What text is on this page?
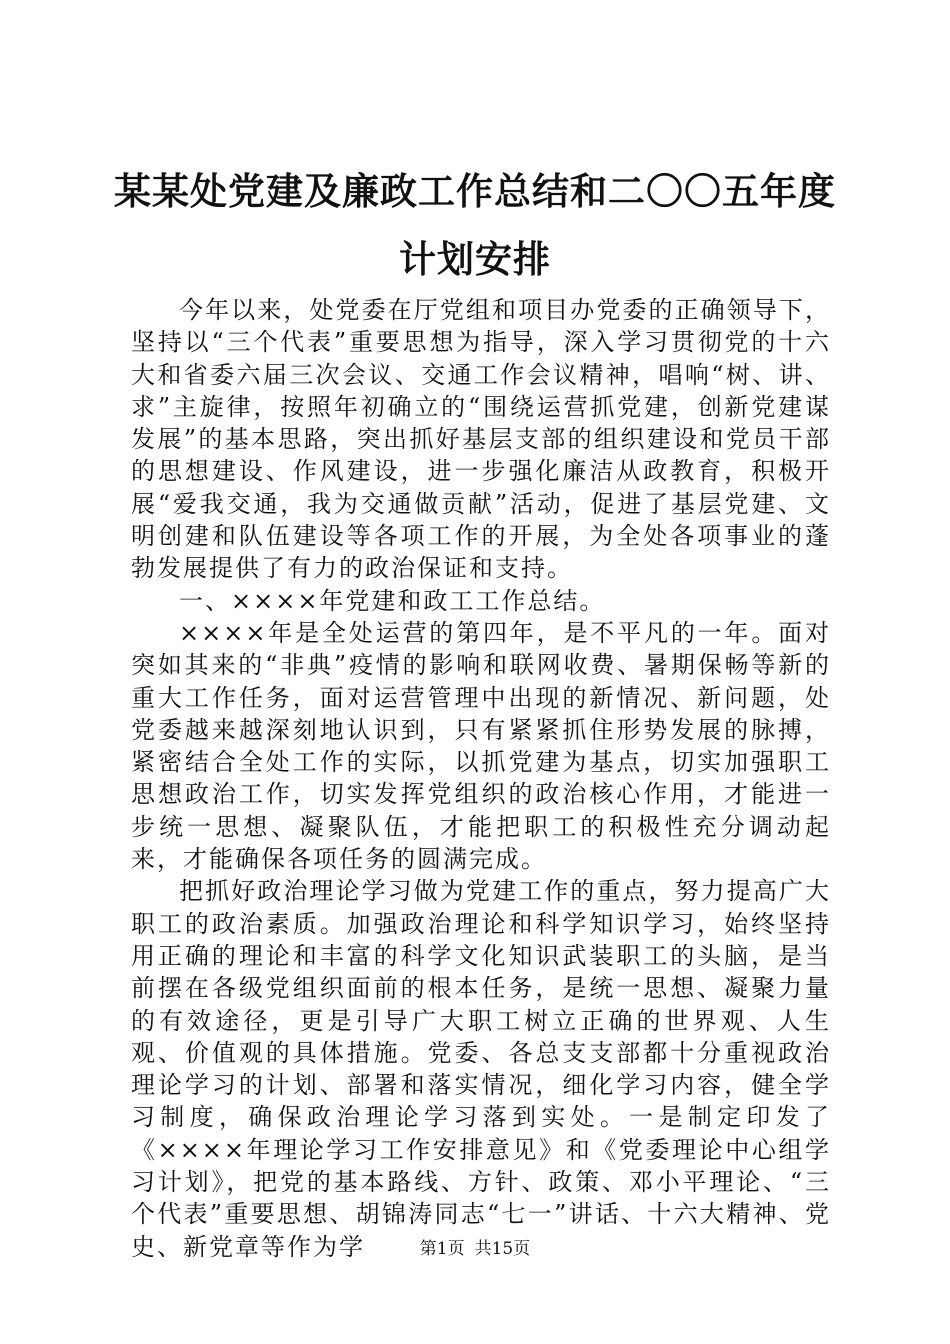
某某处党建及廉政工作总结和二〇〇五年度计划安排

今年以来，处党委在厅党组和项目办党委的正确领导下，坚持以“三个代表”重要思想为指导，深入学习贯彻党的十六大和省委六届三次会议、交通工作会议精神，唱响“树、讲、求”主旋律，按照年初确立的“围绕运营抓党建，创新党建谋发展”的基本思路，突出抓好基层支部的组织建设和党员干部的思想建设、作风建设，进一步强化廉洁从政教育，积极开展“爱我交通，我为交通做贡献”活动，促进了基层党建、文明创建和队伍建设等各项工作的开展，为全处各项事业的蓬勃发展提供了有力的政治保证和支持。

一、××××年党建和政工工作总结。

××××年是全处运营的第四年，是不平凡的一年。面对突如其来的“非典”疫情的影响和联网收费、暑期保畅等新的重大工作任务，面对运营管理中出现的新情况、新问题，处党委越来越深刻地认识到，只有紧紧抓住形势发展的脉搏，紧密结合全处工作的实际，以抓党建为基点，切实加强职工思想政治工作，切实发挥党组织的政治核心作用，才能进一步统一思想、凝聚队伍，才能把职工的积极性充分调动起来，才能确保各项任务的圆满完成。

把抓好政治理论学习做为党建工作的重点，努力提高广大职工的政治素质。加强政治理论和科学知识学习，始终坚持用正确的理论和丰富的科学文化知识武装职工的头脑，是当前摆在各级党组织面前的根本任务，是统一思想、凝聚力量的有效途径，更是引导广大职工树立正确的世界观、人生观、价值观的具体措施。党委、各总支支部都十分重视政治理论学习的计划、部署和落实情况，细化学习内容，健全学习制度，确保政治理论学习落到实处。一是制定印发了《××××年理论学习工作安排意见》和《党委理论中心组学习计划》，把党的基本路线、方针、政策、邓小平理论、“三个代表”重要思想、胡锦涛同志“七一”讲话、十六大精神、党史、新党章等作为学	第1页 共15页
